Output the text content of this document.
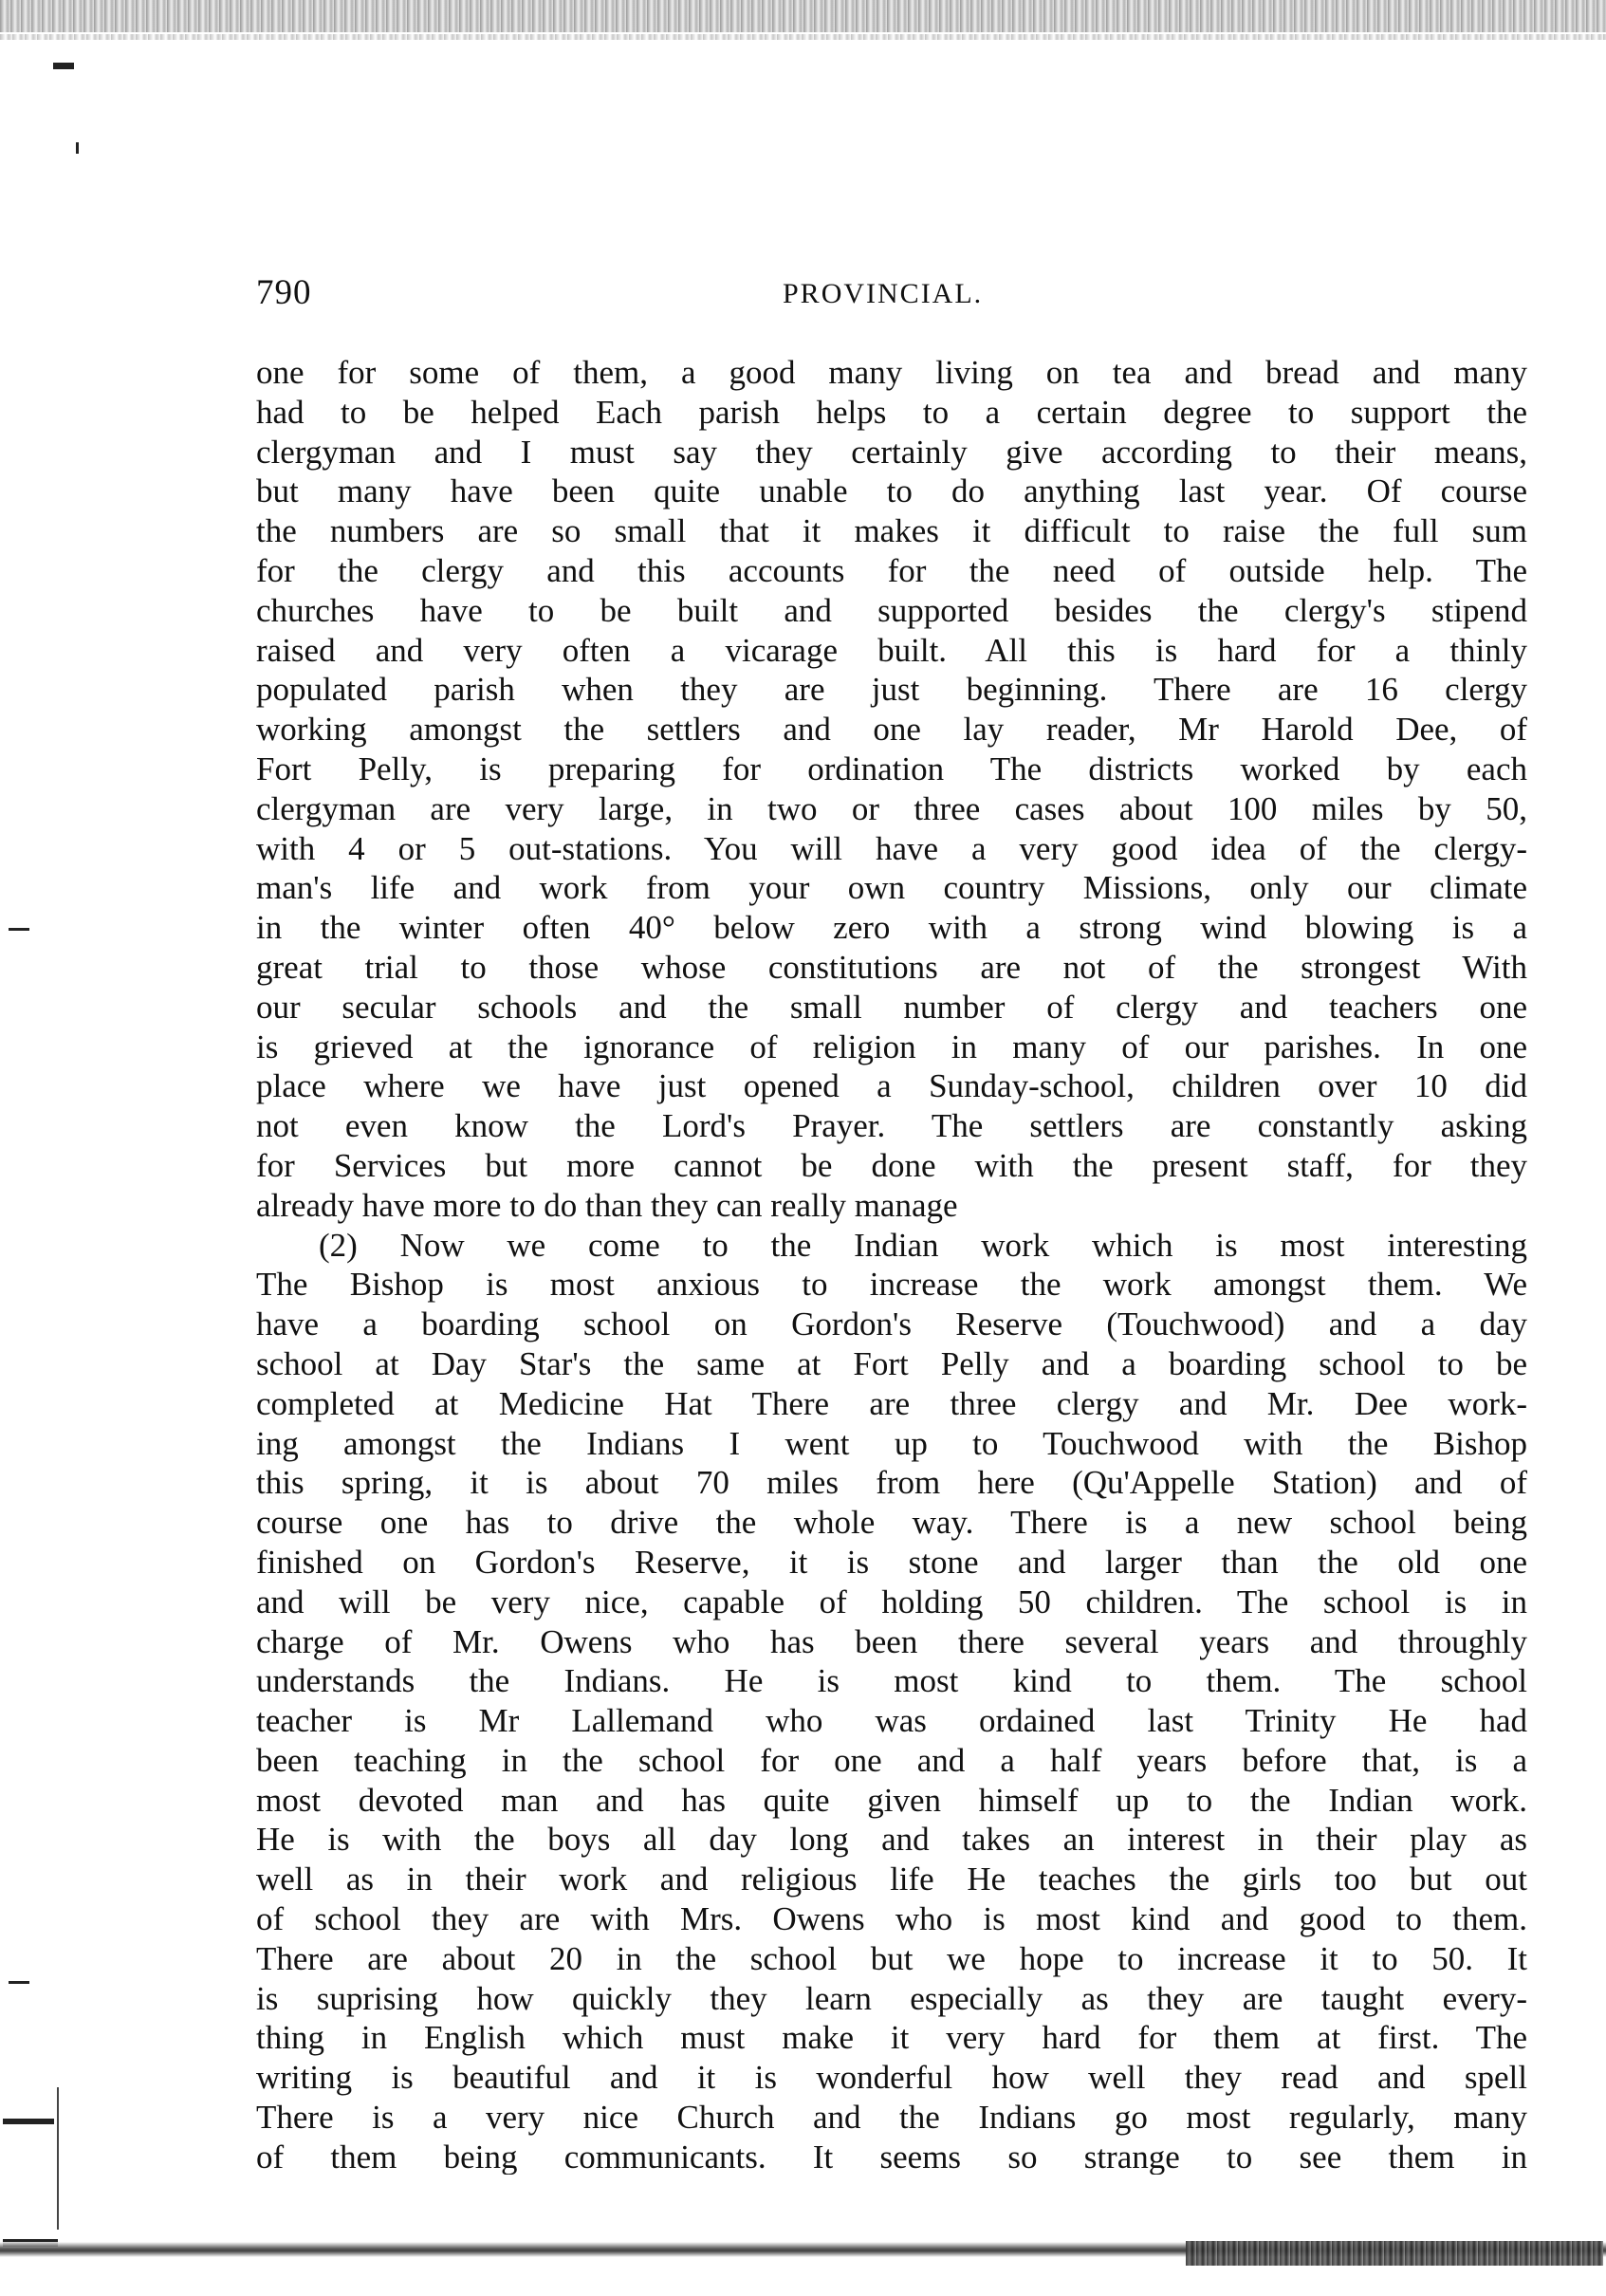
790	PROVINCIAL.
one for some of them, a good many living on tea and bread and many
had to be helped Each parish helps to a certain degree to support the
clergyman and I must say they certainly give according to their means,
but many have been quite unable to do anything last year. Of course
the numbers are so small that it makes it difficult to raise the full sum
for the clergy and this accounts for the need of outside help. The
churches have to be built and supported besides the clergy's stipend
raised and very often a vicarage built. All this is hard for a thinly
populated parish when they are just beginning. There are 16 clergy
working amongst the settlers and one lay reader, Mr Harold Dee, of
Fort Pelly, is preparing for ordination The districts worked by each
clergyman are very large, in two or three cases about 100 miles by 50,
with 4 or 5 out-stations. You will have a very good idea of the clergy-
man's life and work from your own country Missions, only our climate
in the winter often 40° below zero with a strong wind blowing is a
great trial to those whose constitutions are not of the strongest With
our secular schools and the small number of clergy and teachers one
is grieved at the ignorance of religion in many of our parishes. In one
place where we have just opened a Sunday-school, children over 10 did
not even know the Lord's Prayer. The settlers are constantly asking
for Services but more cannot be done with the present staff, for they
already have more to do than they can really manage
(2) Now we come to the Indian work which is most interesting
The Bishop is most anxious to increase the work amongst them. We
have a boarding school on Gordon's Reserve (Touchwood) and a day
school at Day Star's the same at Fort Pelly and a boarding school to be
completed at Medicine Hat There are three clergy and Mr. Dee work-
ing amongst the Indians I went up to Touchwood with the Bishop
this spring, it is about 70 miles from here (Qu'Appelle Station) and of
course one has to drive the whole way. There is a new school being
finished on Gordon's Reserve, it is stone and larger than the old one
and will be very nice, capable of holding 50 children. The school is in
charge of Mr. Owens who has been there several years and throughly
understands the Indians. He is most kind to them. The school
teacher is Mr Lallemand who was ordained last Trinity He had
been teaching in the school for one and a half years before that, is a
most devoted man and has quite given himself up to the Indian work.
He is with the boys all day long and takes an interest in their play as
well as in their work and religious life He teaches the girls too but out
of school they are with Mrs. Owens who is most kind and good to them.
There are about 20 in the school but we hope to increase it to 50. It
is suprising how quickly they learn especially as they are taught every-
thing in English which must make it very hard for them at first. The
writing is beautiful and it is wonderful how well they read and spell
There is a very nice Church and the Indians go most regularly, many
of them being communicants. It seems so strange to see them in
